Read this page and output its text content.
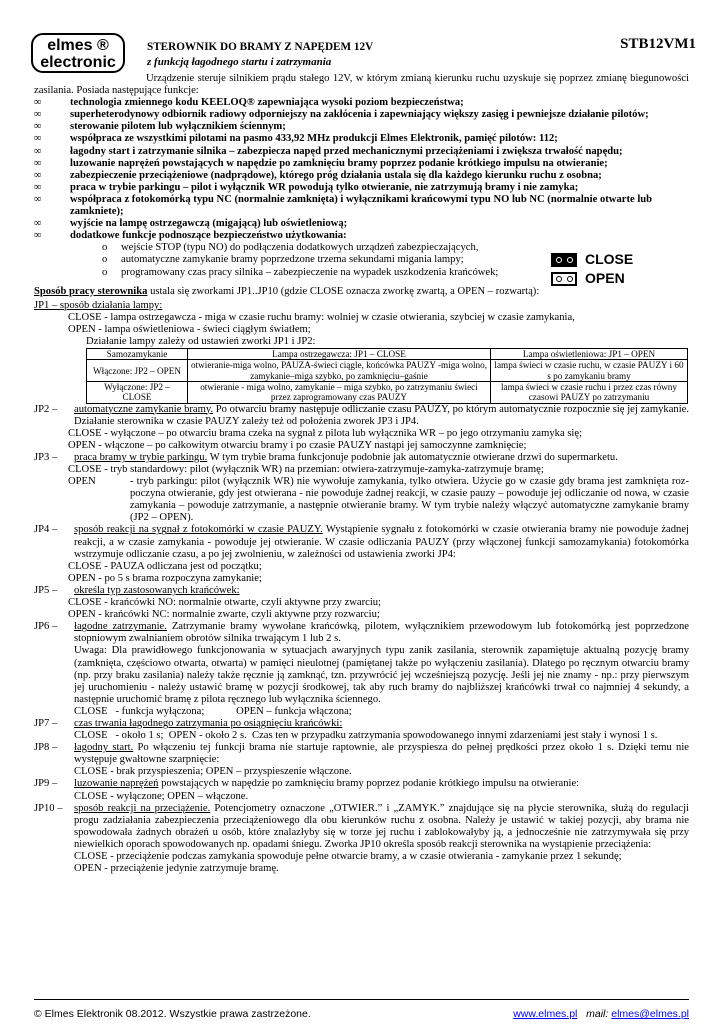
elmes ®
electronic
STEROWNIK DO BRAMY Z NAPĘDEM 12V
z funkcją łagodnego startu i zatrzymania
STB12VM1
CLOSE
OPEN

Urządzenie steruje silnikiem prądu stałego 12V, w którym zmianą kierunku ruchu uzyskuje się poprzez zmianę biegunowości zasilania. Posiada następujące funkcje:

∞ technologia zmiennego kodu KEELOQ® zapewniająca wysoki poziom bezpieczeństwa;
∞ superheterodynowy odbiornik radiowy odporniejszy na zakłócenia i zapewniający większy zasięg i pewniejsze działanie pilotów;
∞ sterowanie pilotem lub wyłącznikiem ściennym;
∞ współpraca ze wszystkimi pilotami na pasmo 433,92 MHz produkcji Elmes Elektronik, pamięć pilotów: 112;
∞ łagodny start i zatrzymanie silnika – zabezpiecza napęd przed mechanicznymi przeciążeniami i zwiększa trwałość napędu;
∞ luzowanie naprężeń powstających w napędzie po zamknięciu bramy poprzez podanie krótkiego impulsu na otwieranie;
∞ zabezpieczenie przeciążeniowe (nadprądowe), którego próg działania ustala się dla każdego kierunku ruchu z osobna;
∞ praca w trybie parkingu – pilot i wyłącznik WR powodują tylko otwieranie, nie zatrzymują bramy i nie zamyka;
∞ współpraca z fotokomórką typu NC (normalnie zamknięta) i wyłącznikami krańcowymi typu NO lub NC (normalnie otwarte lub zamkniete);
∞ wyjście na lampę ostrzegawczą (migającą) lub oświetleniową;
∞ dodatkowe funkcje podnoszące bezpieczeństwo użytkowania:
o wejście STOP (typu NO) do podłączenia dodatkowych urządzeń zabezpieczających,
o automatyczne zamykanie bramy poprzedzone trzema sekundami migania lampy;
o programowany czas pracy silnika – zabezpieczenie na wypadek uszkodzenia krańcówek;

Sposób pracy sterownika ustala się zworkami JP1..JP10 (gdzie CLOSE oznacza zworkę zwartą, a OPEN – rozwartą):

JP1 – sposób działania lampy:

CLOSE - lampa ostrzegawcza - miga w czasie ruchu bramy: wolniej w czasie otwierania, szybciej w czasie zamykania,

OPEN - lampa oświetleniowa - świeci ciągłym światłem;

Działanie lampy zależy od ustawień zworki JP1 i JP2:

Samozamykanie	Lampa ostrzegawcza: JP1 – CLOSE	Lampa oświetleniowa: JP1 – OPEN
Włączone: JP2 – OPEN	otwieranie-miga wolno, PAUZA-świeci ciągle, końcówka PAUZY -miga wolno, zamykanie–miga szybko, po zamknięciu–gaśnie	lampa świeci w czasie ruchu, w czasie PAUZY i 60 s po zamykaniu bramy
Wyłączone: JP2 – CLOSE	otwieranie - miga wolno, zamykanie – miga szybko, po zatrzymaniu świeci przez zaprogramowany czas PAUZY	lampa świeci w czasie ruchu i przez czas równy czasowi PAUZY po zatrzymaniu
JP2 – automatyczne zamykanie bramy. Po otwarciu bramy następuje odliczanie czasu PAUZY, po którym automatycznie rozpocznie się jej zamykanie. Działanie sterownika w czasie PAUZY zależy też od położenia zworek JP3 i JP4.

CLOSE - wyłączone – po otwarciu brama czeka na sygnał z pilota lub wyłącznika WR – po jego otrzymaniu zamyka się;

OPEN - włączone – po całkowitym otwarciu bramy i po czasie PAUZY nastąpi jej samoczynne zamknięcie;

JP3 – praca bramy w trybie parkingu. W tym trybie brama funkcjonuje podobnie jak automatycznie otwierane drzwi do supermarketu.

CLOSE - tryb standardowy: pilot (wyłącznik WR) na przemian: otwiera-zatrzymuje-zamyka-zatrzymuje bramę;

OPEN	- tryb parkingu: pilot (wyłącznik WR) nie wywołuje zamykania, tylko otwiera. Użycie go w czasie gdy brama jest zamknięta rozpoczyna otwieranie, gdy jest otwierana - nie powoduje żadnej reakcji, w czasie pauzy – powoduje jej odliczanie od nowa, w czasie zamykania – powoduje zatrzymanie, a następnie otwieranie bramy. W tym trybie należy włączyć automatyczne zamykanie bramy (JP2 – OPEN).
JP4 – sposób reakcji na sygnał z fotokomórki w czasie PAUZY. Wystąpienie sygnału z fotokomórki w czasie otwierania bramy nie powoduje żadnej reakcji, a w czasie zamykania - powoduje jej otwieranie. W czasie odliczania PAUZY (przy włączonej funkcji samozamykania) fotokomórka wstrzymuje odliczanie czasu, a po jej zwolnieniu, w zależności od ustawienia zworki JP4:

CLOSE - PAUZA odliczana jest od początku;

OPEN - po 5 s brama rozpoczyna zamykanie;

JP5 – określa typ zastosowanych krańcówek:

CLOSE - krańcówki NO: normalnie otwarte, czyli aktywne przy zwarciu;

OPEN - krańcówki NC: normalnie zwarte, czyli aktywne przy rozwarciu;

JP6 – łagodne zatrzymanie. Zatrzymanie bramy wywołane krańcówką, pilotem, wyłącznikiem przewodowym lub fotokomórką jest poprzedzone stopniowym zwalnianiem obrotów silnika trwającym 1 lub 2 s.

Uwaga: Dla prawidłowego funkcjonowania w sytuacjach awaryjnych typu zanik zasilania, sterownik zapamiętuje aktualną pozycję bramy (zamknięta, częściowo otwarta, otwarta) w pamięci nieulotnej (pamiętanej także po wyłączeniu zasilania). Dlatego po ręcznym otwarciu bramy (np. przy braku zasilania) należy także ręcznie ją zamknąć, tzn. przywrócić jej wcześniejszą pozycję. Jeśli jej nie znamy - np.: przy pierwszym jej uruchomieniu - należy ustawić bramę w pozycji środkowej, tak aby ruch bramy do najbliższej krańcówki trwał co najmniej 4 sekundy, a następnie uruchomić bramę z pilota ręcznego lub wyłącznika ściennego.

CLOSE   - funkcja wyłączona;            OPEN – funkcja włączona;

JP7 – czas trwania łagodnego zatrzymania po osiągnięciu krańcówki:

CLOSE   - około 1 s;  OPEN - około 2 s.  Czas ten w przypadku zatrzymania spowodowanego innymi zdarzeniami jest stały i wynosi 1 s.

JP8 – łagodny start. Po włączeniu tej funkcji brama nie startuje raptownie, ale przyspiesza do pełnej prędkości przez około 1 s. Dzięki temu nie występuje gwałtowne szarpnięcie:

CLOSE - brak przyspieszenia; OPEN – przyspieszenie włączone.

JP9 – luzowanie naprężeń powstających w napędzie po zamknięciu bramy poprzez podanie krótkiego impulsu na otwieranie:

CLOSE - wyłączone; OPEN – włączone.

JP10 – sposób reakcji na przeciążenie. Potencjometry oznaczone „OTWIER.” i „ZAMYK.” znajdujące się na płycie sterownika, służą do regulacji progu zadziałania zabezpieczenia przeciążeniowego dla obu kierunków ruchu z osobna. Należy je ustawić w takiej pozycji, aby brama nie spowodowała żadnych obrażeń u osób, które znalazłyby się w torze jej ruchu i zablokowałyby ją, a jednocześnie nie zatrzymywała się przy niewielkich oporach spowodowanych np. opadami śniegu. Zworka JP10 określa sposób reakcji sterownika na wystąpienie przeciążenia:

CLOSE - przeciążenie podczas zamykania spowoduje pełne otwarcie bramy, a w czasie otwierania - zamykanie przez 1 sekundę;

OPEN - przeciążenie jedynie zatrzymuje bramę.

© Elmes Elektronik 08.2012. Wszystkie prawa zastrzeżone.	www.elmes.pl mail: elmes@elmes.pl
